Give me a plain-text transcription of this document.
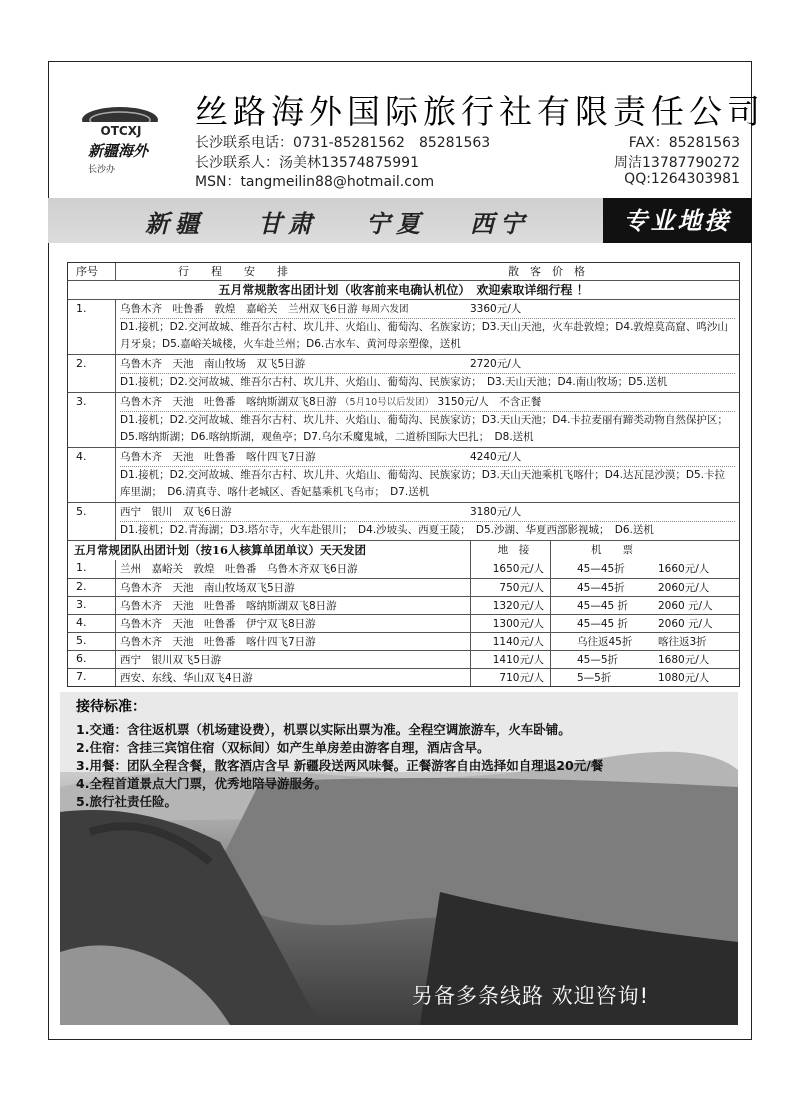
OTCXJ
新疆海外
长沙办
丝路海外国际旅行社有限责任公司
长沙联系电话：0731-85281562　85281563	FAX：85281563
长沙联系人：汤美林13574875991	周洁13787790272
MSN：tangmeilin88@hotmail.com	QQ:1264303981
新疆 甘肃 宁夏 西宁	专业地接
序号	行　　程　　安　　排	散　客　价　格
五月常规散客出团计划（收客前来电确认机位）　欢迎索取详细行程 ！
1.	乌鲁木齐　吐鲁番　敦煌　嘉峪关　兰州双飞6日游 每周六发团	3360元/人
D1.接机；D2.交河故城、维吾尔古村、坎儿井、火焰山、葡萄沟、名族家访；D3.天山天池，火车赴敦煌；D4.敦煌莫高窟、鸣沙山月牙泉；D5.嘉峪关城楼，火车赴兰州；D6.古水车、黄河母亲塑像，送机
2.	乌鲁木齐　天池　南山牧场　双飞5日游	2720元/人
D1.接机；D2.交河故城、维吾尔古村、坎儿井、火焰山、葡萄沟、民族家访；　D3.天山天池；D4.南山牧场；D5.送机
3.	乌鲁木齐　天池　吐鲁番　喀纳斯湖双飞8日游 （5月10号以后发团） 3150元/人　不含正餐
D1.接机；D2.交河故城、维吾尔古村、坎儿井、火焰山、葡萄沟、民族家访；D3.天山天池；D4.卡拉麦丽有蹄类动物自然保护区；D5.喀纳斯湖；D6.喀纳斯湖，观鱼亭；D7.乌尔禾魔鬼城，二道桥国际大巴扎；　D8.送机
4.	乌鲁木齐　天池　吐鲁番　喀什四飞7日游	4240元/人
D1.接机；D2.交河故城、维吾尔古村、坎儿井、火焰山、葡萄沟、民族家访；D3.天山天池乘机飞喀什；D4.达瓦昆沙漠；D5.卡拉库里湖；　D6.清真寺、喀什老城区、香妃墓乘机飞乌市；　D7.送机
5.	西宁　银川　双飞6日游	3180元/人
D1.接机；D2.青海湖；D3.塔尔寺，火车赴银川；　D4.沙坡头、西夏王陵；　D5.沙湖、华夏西部影视城；　D6.送机
五月常规团队出团计划（按16人核算单团单议）天天发团	地　接	机　　票
1.	兰州　嘉峪关　敦煌　吐鲁番　乌鲁木齐双飞6日游	1650元/人	45—45折	1660元/人
2.	乌鲁木齐　天池　南山牧场双飞5日游	750元/人	45—45折	2060元/人
3.	乌鲁木齐　天池　吐鲁番　喀纳斯湖双飞8日游	1320元/人	45—45 折	2060 元/人
4.	乌鲁木齐　天池　吐鲁番　伊宁双飞8日游	1300元/人	45—45 折	2060 元/人
5.	乌鲁木齐　天池　吐鲁番　喀什四飞7日游	1140元/人	乌往返45折	喀往返3折
6.	西宁　银川双飞5日游	1410元/人	45—5折	1680元/人
7.	西安、东线、华山双飞4日游	710元/人	5—5折	1080元/人
接待标准：
1.交通：含往返机票（机场建设费），机票以实际出票为准。全程空调旅游车，火车卧铺。
2.住宿：含挂三宾馆住宿（双标间）如产生单房差由游客自理，酒店含早。
3.用餐：团队全程含餐，散客酒店含早 新疆段送两风味餐。正餐游客自由选择如自理退20元/餐
4.全程首道景点大门票，优秀地陪导游服务。
5.旅行社责任险。
另备多条线路 欢迎咨询!
